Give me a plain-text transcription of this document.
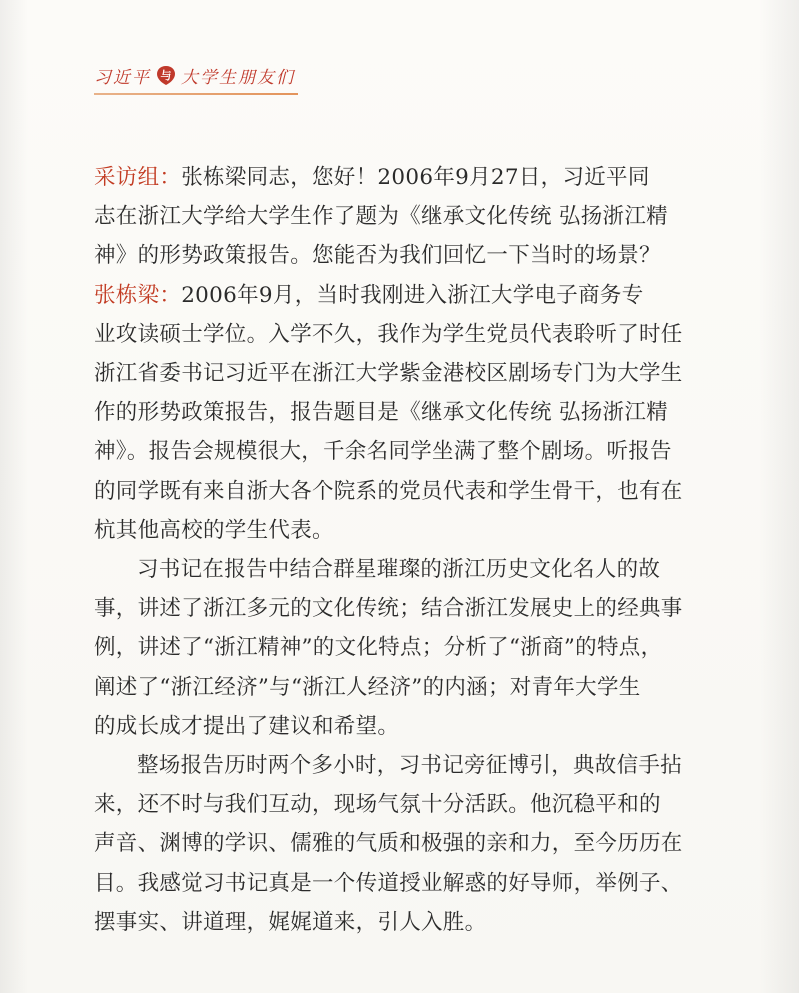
习近平 与 大学生朋友们

采访组：张栋梁同志，您好！2006年9月27日，习近平同
志在浙江大学给大学生作了题为《继承文化传统 弘扬浙江精
神》的形势政策报告。您能否为我们回忆一下当时的场景？

张栋梁：2006年9月，当时我刚进入浙江大学电子商务专
业攻读硕士学位。入学不久，我作为学生党员代表聆听了时任
浙江省委书记习近平在浙江大学紫金港校区剧场专门为大学生
作的形势政策报告，报告题目是《继承文化传统 弘扬浙江精
神》。报告会规模很大，千余名同学坐满了整个剧场。听报告
的同学既有来自浙大各个院系的党员代表和学生骨干，也有在
杭其他高校的学生代表。

习书记在报告中结合群星璀璨的浙江历史文化名人的故
事，讲述了浙江多元的文化传统；结合浙江发展史上的经典事
例，讲述了“浙江精神”的文化特点；分析了“浙商”的特点，
阐述了“浙江经济”与“浙江人经济”的内涵；对青年大学生
的成长成才提出了建议和希望。

整场报告历时两个多小时，习书记旁征博引，典故信手拈
来，还不时与我们互动，现场气氛十分活跃。他沉稳平和的
声音、渊博的学识、儒雅的气质和极强的亲和力，至今历历在
目。我感觉习书记真是一个传道授业解惑的好导师，举例子、
摆事实、讲道理，娓娓道来，引人入胜。
